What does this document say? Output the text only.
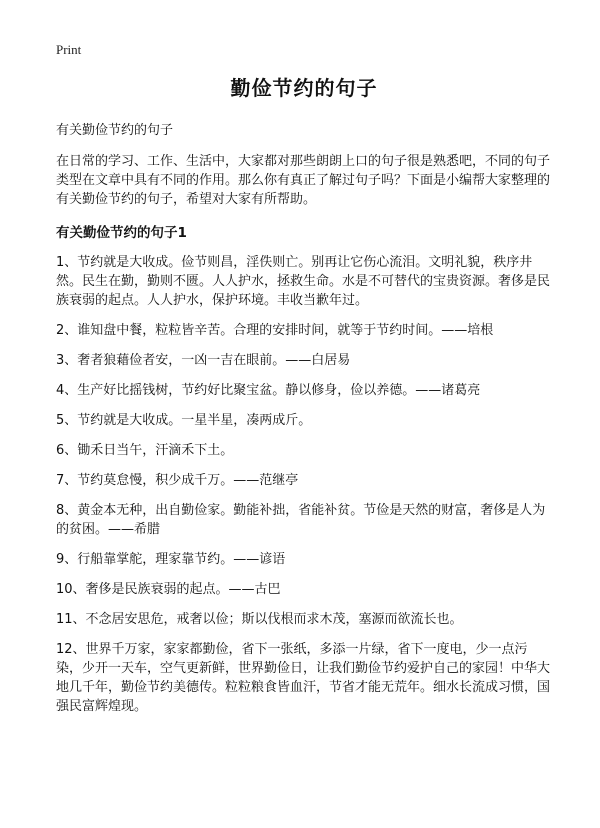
Print
勤俭节约的句子
有关勤俭节约的句子
在日常的学习、工作、生活中，大家都对那些朗朗上口的句子很是熟悉吧，不同的句子类型在文章中具有不同的作用。那么你有真正了解过句子吗？下面是小编帮大家整理的有关勤俭节约的句子，希望对大家有所帮助。
有关勤俭节约的句子1
1、节约就是大收成。俭节则昌，淫佚则亡。别再让它伤心流泪。文明礼貌，秩序井然。民生在勤，勤则不匮。人人护水，拯救生命。水是不可替代的宝贵资源。奢侈是民族衰弱的起点。人人护水，保护环境。丰收当歉年过。
2、谁知盘中餐，粒粒皆辛苦。合理的安排时间，就等于节约时间。——培根
3、奢者狼藉俭者安，一凶一吉在眼前。——白居易
4、生产好比摇钱树，节约好比聚宝盆。静以修身，俭以养德。——诸葛亮
5、节约就是大收成。一星半星，凑两成斤。
6、锄禾日当午，汗滴禾下土。
7、节约莫怠慢，积少成千万。——范继亭
8、黄金本无种，出自勤俭家。勤能补拙，省能补贫。节俭是天然的财富，奢侈是人为的贫困。——希腊
9、行船靠掌舵，理家靠节约。——谚语
10、奢侈是民族衰弱的起点。——古巴
11、不念居安思危，戒奢以俭；斯以伐根而求木茂，塞源而欲流长也。
12、世界千万家，家家都勤俭，省下一张纸，多添一片绿，省下一度电，少一点污染，少开一天车，空气更新鲜，世界勤俭日，让我们勤俭节约爱护自己的家园！中华大地几千年，勤俭节约美德传。粒粒粮食皆血汗，节省才能无荒年。细水长流成习惯，国强民富辉煌现。
